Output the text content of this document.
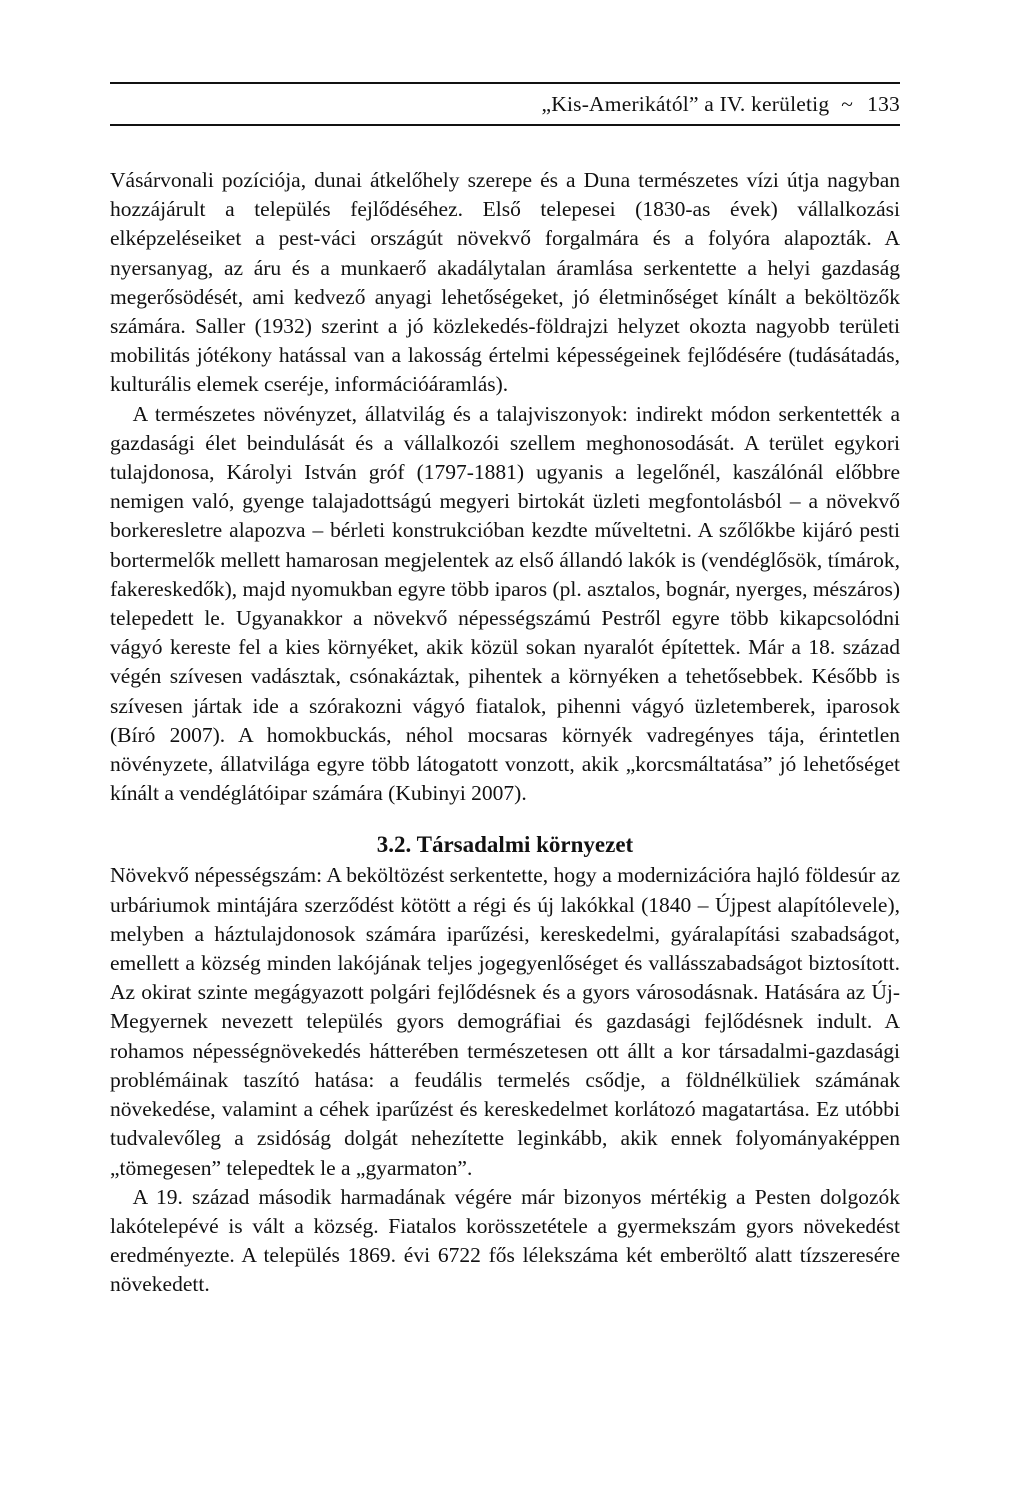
„Kis-Amerikától” a IV. kerületig ~ 133

Vásárvonali pozíciója, dunai átkelőhely szerepe és a Duna természetes vízi útja nagyban hozzájárult a település fejlődéséhez. Első telepesei (1830-as évek) vállalkozási elképzeléseiket a pest-váci országút növekvő forgalmára és a folyóra alapozták. A nyersanyag, az áru és a munkaerő akadálytalan áramlása serkentette a helyi gazdaság megerősödését, ami kedvező anyagi lehetőségeket, jó életminőséget kínált a beköltözők számára. Saller (1932) szerint a jó közlekedés-földrajzi helyzet okozta nagyobb területi mobilitás jótékony hatással van a lakosság értelmi képességeinek fejlődésére (tudásátadás, kulturális elemek cseréje, információáramlás).

A természetes növényzet, állatvilág és a talajviszonyok: indirekt módon serkentették a gazdasági élet beindulását és a vállalkozói szellem meghonosodását. A terület egykori tulajdonosa, Károlyi István gróf (1797-1881) ugyanis a legelőnél, kaszálónál előbbre nemigen való, gyenge talajadottságú megyeri birtokát üzleti megfontolásból – a növekvő borkeresletre alapozva – bérleti konstrukcióban kezdte műveltetni. A szőlőkbe kijáró pesti bortermelők mellett hamarosan megjelentek az első állandó lakók is (vendéglősök, tímárok, fakereskedők), majd nyomukban egyre több iparos (pl. asztalos, bognár, nyerges, mészáros) telepedett le. Ugyanakkor a növekvő népességszámú Pestről egyre több kikapcsolódni vágyó kereste fel a kies környéket, akik közül sokan nyaralót építettek. Már a 18. század végén szívesen vadásztak, csónakáztak, pihentek a környéken a tehetősebbek. Később is szívesen jártak ide a szórakozni vágyó fiatalok, pihenni vágyó üzletemberek, iparosok (Bíró 2007). A homokbuckás, néhol mocsaras környék vadregényes tája, érintetlen növényzete, állatvilága egyre több látogatott vonzott, akik „korcsmáltatása” jó lehetőséget kínált a vendéglátóipar számára (Kubinyi 2007).

3.2. Társadalmi környezet

Növekvő népességszám: A beköltözést serkentette, hogy a modernizációra hajló földesúr az urbáriumok mintájára szerződést kötött a régi és új lakókkal (1840 – Újpest alapítólevele), melyben a háztulajdonosok számára iparűzési, kereskedelmi, gyáralapítási szabadságot, emellett a község minden lakójának teljes jogegyenlőséget és vallásszabadságot biztosított. Az okirat szinte megágyazott polgári fejlődésnek és a gyors városodásnak. Hatására az Új-Megyernek nevezett település gyors demográfiai és gazdasági fejlődésnek indult. A rohamos népességnövekedés hátterében természetesen ott állt a kor társadalmi-gazdasági problémáinak taszító hatása: a feudális termelés csődje, a földnélküliek számának növekedése, valamint a céhek iparűzést és kereskedelmet korlátozó magatartása. Ez utóbbi tudvalevőleg a zsidóság dolgát nehezítette leginkább, akik ennek folyományaképpen „tömegesen” telepedtek le a „gyarmaton”.

A 19. század második harmadának végére már bizonyos mértékig a Pesten dolgozók lakótelepévé is vált a község. Fiatalos korösszetétele a gyermekszám gyors növekedést eredményezte. A település 1869. évi 6722 fős lélekszáma két emberöltő alatt tízszeresére növekedett.
